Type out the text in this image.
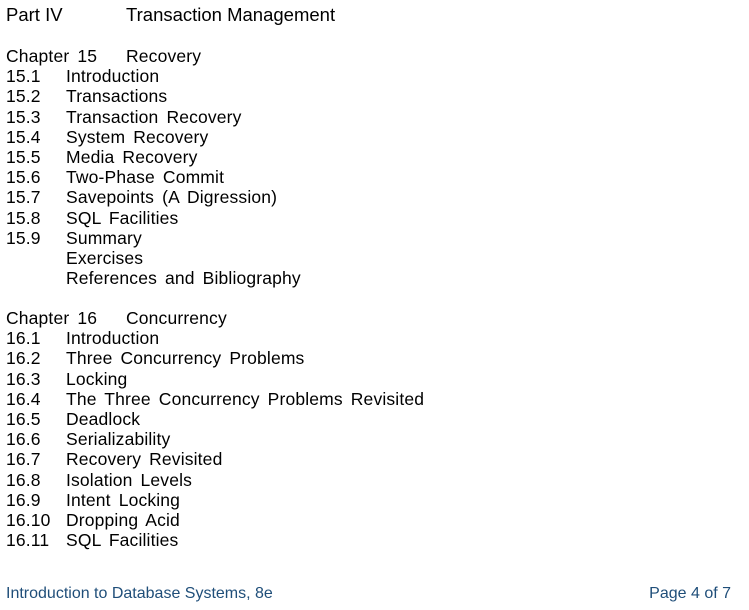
Part IV	Transaction Management
Chapter 15 Recovery
15.1 Introduction
15.2 Transactions
15.3 Transaction Recovery
15.4 System Recovery
15.5 Media Recovery
15.6 Two-Phase Commit
15.7 Savepoints (A Digression)
15.8 SQL Facilities
15.9 Summary
Exercises
References and Bibliography
Chapter 16 Concurrency
16.1 Introduction
16.2 Three Concurrency Problems
16.3 Locking
16.4 The Three Concurrency Problems Revisited
16.5 Deadlock
16.6 Serializability
16.7 Recovery Revisited
16.8 Isolation Levels
16.9 Intent Locking
16.10 Dropping Acid
16.11 SQL Facilities
Introduction to Database Systems, 8e	Page 4 of 7
